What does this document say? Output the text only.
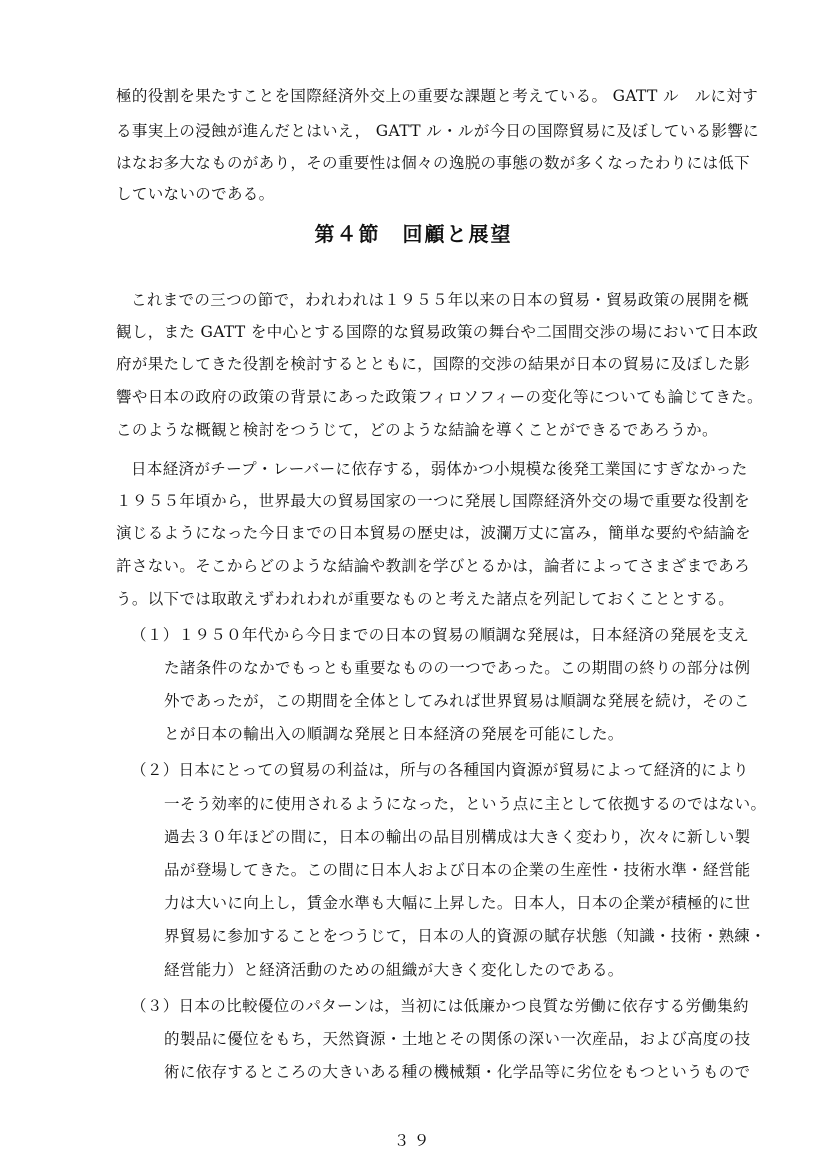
極的役割を果たすことを国際経済外交上の重要な課題と考えている。 GATT ル　ルに対す
る事実上の浸蝕が進んだとはいえ， GATT ル・ルが今日の国際貿易に及ぼしている影響に
はなお多大なものがあり，その重要性は個々の逸脱の事態の数が多くなったわりには低下
していないのである。
第４節　回顧と展望
これまでの三つの節で，われわれは１９５５年以来の日本の貿易・貿易政策の展開を概
観し，また GATT を中心とする国際的な貿易政策の舞台や二国間交渉の場において日本政
府が果たしてきた役割を検討するとともに，国際的交渉の結果が日本の貿易に及ぼした影
響や日本の政府の政策の背景にあった政策フィロソフィーの変化等についても論じてきた。
このような概観と検討をつうじて，どのような結論を導くことができるであろうか。
日本経済がチープ・レーバーに依存する，弱体かつ小規模な後発工業国にすぎなかった
１９５５年頃から，世界最大の貿易国家の一つに発展し国際経済外交の場で重要な役割を
演じるようになった今日までの日本貿易の歴史は，波瀾万丈に富み，簡単な要約や結論を
許さない。そこからどのような結論や教訓を学びとるかは，論者によってさまざまであろ
う。以下では取敢えずわれわれが重要なものと考えた諸点を列記しておくこととする。
（１）１９５０年代から今日までの日本の貿易の順調な発展は，日本経済の発展を支え
た諸条件のなかでもっとも重要なものの一つであった。この期間の終りの部分は例
外であったが，この期間を全体としてみれば世界貿易は順調な発展を続け，そのこ
とが日本の輸出入の順調な発展と日本経済の発展を可能にした。
（２）日本にとっての貿易の利益は，所与の各種国内資源が貿易によって経済的により
一そう効率的に使用されるようになった，という点に主として依拠するのではない。
過去３０年ほどの間に，日本の輸出の品目別構成は大きく変わり，次々に新しい製
品が登場してきた。この間に日本人および日本の企業の生産性・技術水準・経営能
力は大いに向上し，賃金水準も大幅に上昇した。日本人，日本の企業が積極的に世
界貿易に参加することをつうじて，日本の人的資源の賦存状態（知識・技術・熟練・
経営能力）と経済活動のための組織が大きく変化したのである。
（３）日本の比較優位のパターンは，当初には低廉かつ良質な労働に依存する労働集約
的製品に優位をもち，天然資源・土地とその関係の深い一次産品，および高度の技
術に依存するところの大きいある種の機械類・化学品等に劣位をもつというもので
３９
